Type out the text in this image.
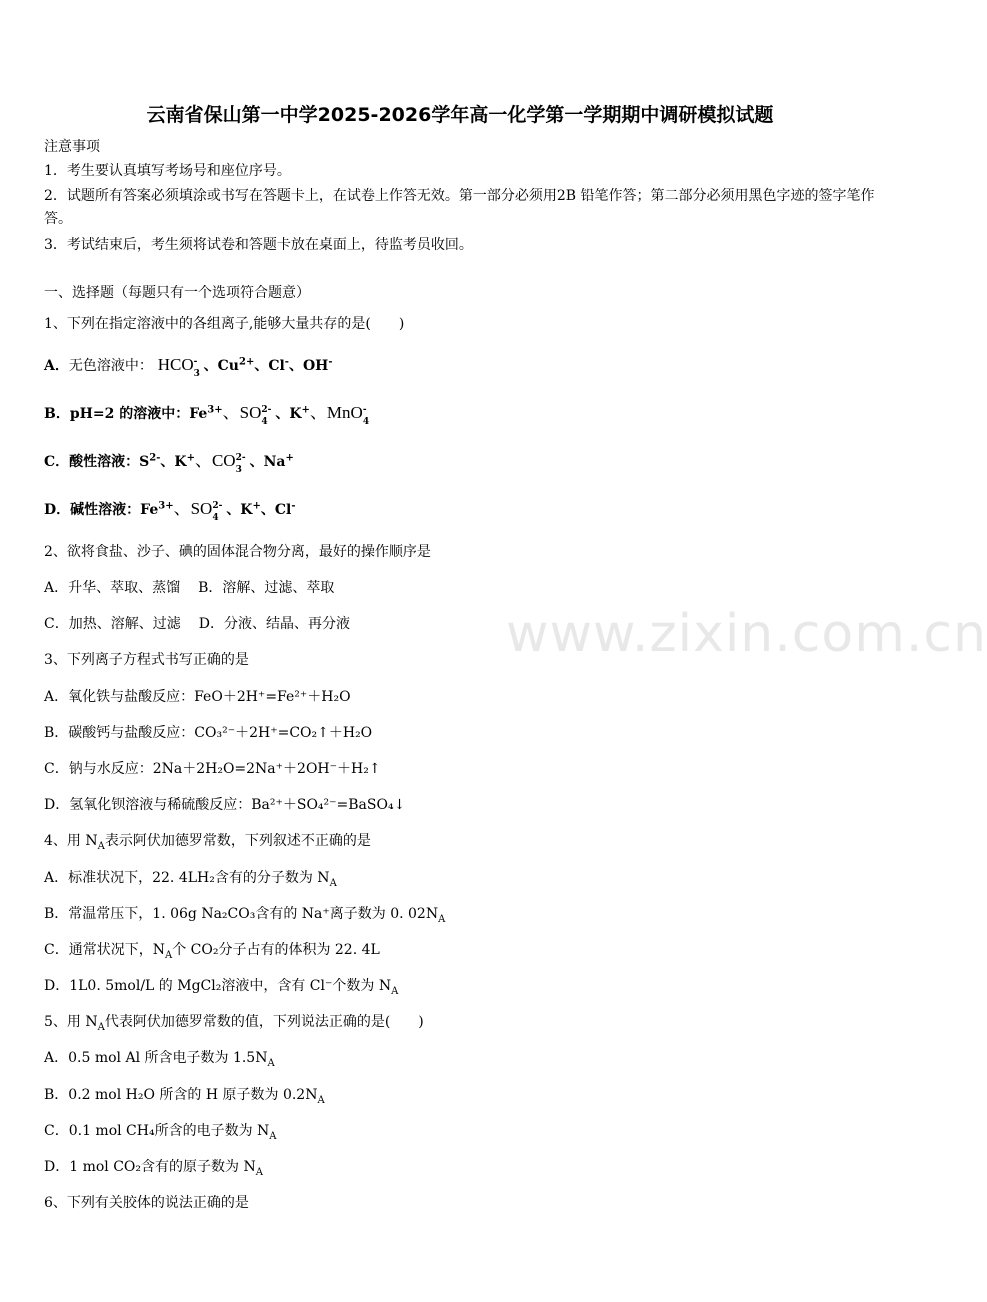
云南省保山第一中学2025-2026学年高一化学第一学期期中调研模拟试题
注意事项
1．考生要认真填写考场号和座位序号。
2．试题所有答案必须填涂或书写在答题卡上，在试卷上作答无效。第一部分必须用2B 铅笔作答；第二部分必须用黑色字迹的签字笔作答。
3．考试结束后，考生须将试卷和答题卡放在桌面上，待监考员收回。
一、选择题（每题只有一个选项符合题意）
1、下列在指定溶液中的各组离子,能够大量共存的是(　　)
A．无色溶液中： HCO -
3 、$Cu^{2+}$、Cl-、OH-
B．pH=2 的溶液中：$Fe^{3+}$、SO 2-
4 、K+、MnO -
4
C．酸性溶液：$S^{2-}$、K+、CO 2-
3 、Na+
D．碱性溶液：$Fe^{3+}$、SO 2-
4 、K+、Cl-
2、欲将食盐、沙子、碘的固体混合物分离，最好的操作顺序是
A．升华、萃取、蒸馏 B．溶解、过滤、萃取
C．加热、溶解、过滤 D．分液、结晶、再分液
3、下列离子方程式书写正确的是
A．氧化铁与盐酸反应：FeO＋2H⁺=Fe²⁺＋H₂O
B．碳酸钙与盐酸反应：CO₃²⁻＋2H⁺=CO₂↑＋H₂O
C．钠与水反应：2Na＋2H₂O=2Na⁺＋2OH⁻＋H₂↑
D．氢氧化钡溶液与稀硫酸反应：Ba²⁺＋SO₄²⁻=BaSO₄↓
4、用 $N_A$表示阿伏加德罗常数，下列叙述不正确的是
A．标准状况下，22. 4LH₂含有的分子数为 $N_A$
B．常温常压下，1. 06g Na₂CO₃含有的 Na⁺离子数为 0. $02N_A$
C．通常状况下，$N_A$个 CO₂分子占有的体积为 22. 4L
D．1L0. 5mol/L 的 MgCl₂溶液中，含有 Cl⁻个数为 $N_A$
5、用 $N_A$代表阿伏加德罗常数的值，下列说法正确的是(　　)
A．0.5 mol Al 所含电子数为 $1.5N_A$
B．0.2 mol H₂O 所含的 H 原子数为 $0.2N_A$
C．0.1 mol CH₄所含的电子数为 $N_A$
D．1 mol CO₂含有的原子数为 $N_A$
6、下列有关胶体的说法正确的是
www.zixin.com.cn
